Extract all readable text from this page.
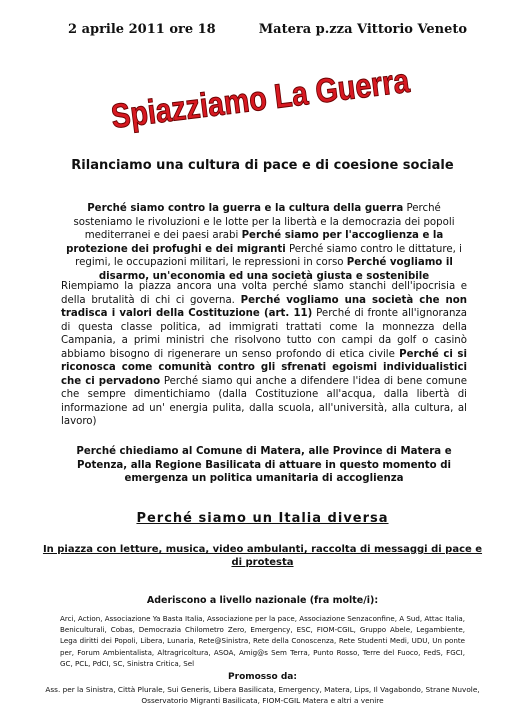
2 aprile 2011 ore 18	Matera p.zza Vittorio Veneto
Spiazziamo La Guerra
Rilanciamo una cultura di pace e di coesione sociale
Perché siamo contro la guerra e la cultura della guerra Perché sosteniamo le rivoluzioni e le lotte per la libertà e la democrazia dei popoli mediterranei e dei paesi arabi Perché siamo per l'accoglienza e la protezione dei profughi e dei migranti Perché siamo contro le dittature, i regimi, le occupazioni militari, le repressioni in corso Perché vogliamo il disarmo, un'economia ed una società giusta e sostenibile
Riempiamo la piazza ancora una volta perché siamo stanchi dell'ipocrisia e della brutalità di chi ci governa. Perché vogliamo una società che non tradisca i valori della Costituzione (art. 11) Perché di fronte all'ignoranza di questa classe politica, ad immigrati trattati come la monnezza della Campania, a primi ministri che risolvono tutto con campi da golf o casinò abbiamo bisogno di rigenerare un senso profondo di etica civile Perché ci si riconosca come comunità contro gli sfrenati egoismi individualistici che ci pervadono Perché siamo qui anche a difendere l'idea di bene comune che sempre dimentichiamo (dalla Costituzione all'acqua, dalla libertà di informazione ad un' energia pulita, dalla scuola, all'università, alla cultura, al lavoro)
Perché chiediamo al Comune di Matera, alle Province di Matera e Potenza, alla Regione Basilicata di attuare in questo momento di emergenza un politica umanitaria di accoglienza
Perché siamo un Italia diversa
In piazza con letture, musica, video ambulanti, raccolta di messaggi di pace e di protesta
Aderiscono a livello nazionale (fra molte/i):
Arci, Action, Associazione Ya Basta Italia, Associazione per la pace, Associazione Senzaconfine, A Sud, Attac Italia, Beniculturali, Cobas, Democrazia Chilometro Zero, Emergency, ESC, FIOM-CGIL, Gruppo Abele, Legambiente, Lega diritti dei Popoli, Libera, Lunaria, Rete@Sinistra, Rete della Conoscenza, Rete Studenti Medi, UDU, Un ponte per, Forum Ambientalista, Altragricoltura, ASOA, Amig@s Sem Terra, Punto Rosso, Terre del Fuoco, FedS, FGCI, GC, PCL, PdCI, SC, Sinistra Critica, Sel
Promosso da:
Ass. per la Sinistra, Città Plurale, Sui Generis, Libera Basilicata, Emergency, Matera, Lips, Il Vagabondo, Strane Nuvole, Osservatorio Migranti Basilicata, FIOM-CGIL Matera e altri a venire
